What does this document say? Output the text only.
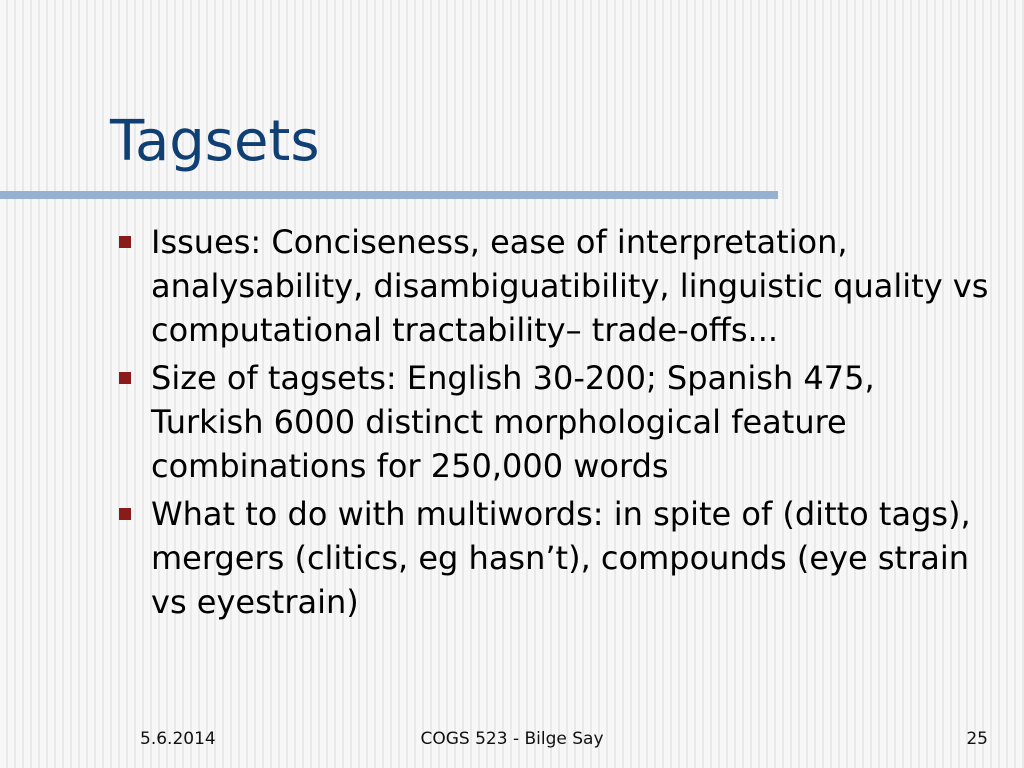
Tagsets
Issues: Conciseness, ease of interpretation, analysability, disambiguatibility, linguistic quality vs computational tractability– trade-offs...
Size of tagsets: English 30-200; Spanish 475, Turkish 6000 distinct morphological feature combinations for 250,000 words
What to do with multiwords: in spite of (ditto tags), mergers (clitics, eg hasn’t), compounds (eye strain vs eyestrain)
5.6.2014	COGS 523 - Bilge Say	25
